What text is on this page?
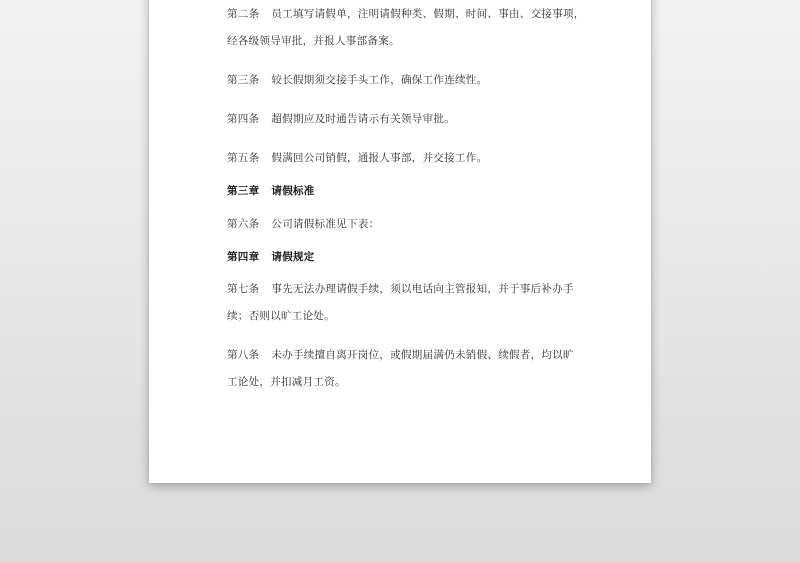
第二条 员工填写请假单，注明请假种类、假期、时间、事由、交接事项，
经各级领导审批，并报人事部备案。
第三条 较长假期须交接手头工作，确保工作连续性。
第四条 超假期应及时通告请示有关领导审批。
第五条 假满回公司销假，通报人事部，并交接工作。
第三章 请假标准
第六条 公司请假标准见下表：
第四章 请假规定
第七条 事先无法办理请假手续，须以电话向主管报知，并于事后补办手
续；否则以旷工论处。
第八条 未办手续擅自离开岗位，或假期届满仍未销假、续假者，均以旷
工论处，并扣减月工资。
